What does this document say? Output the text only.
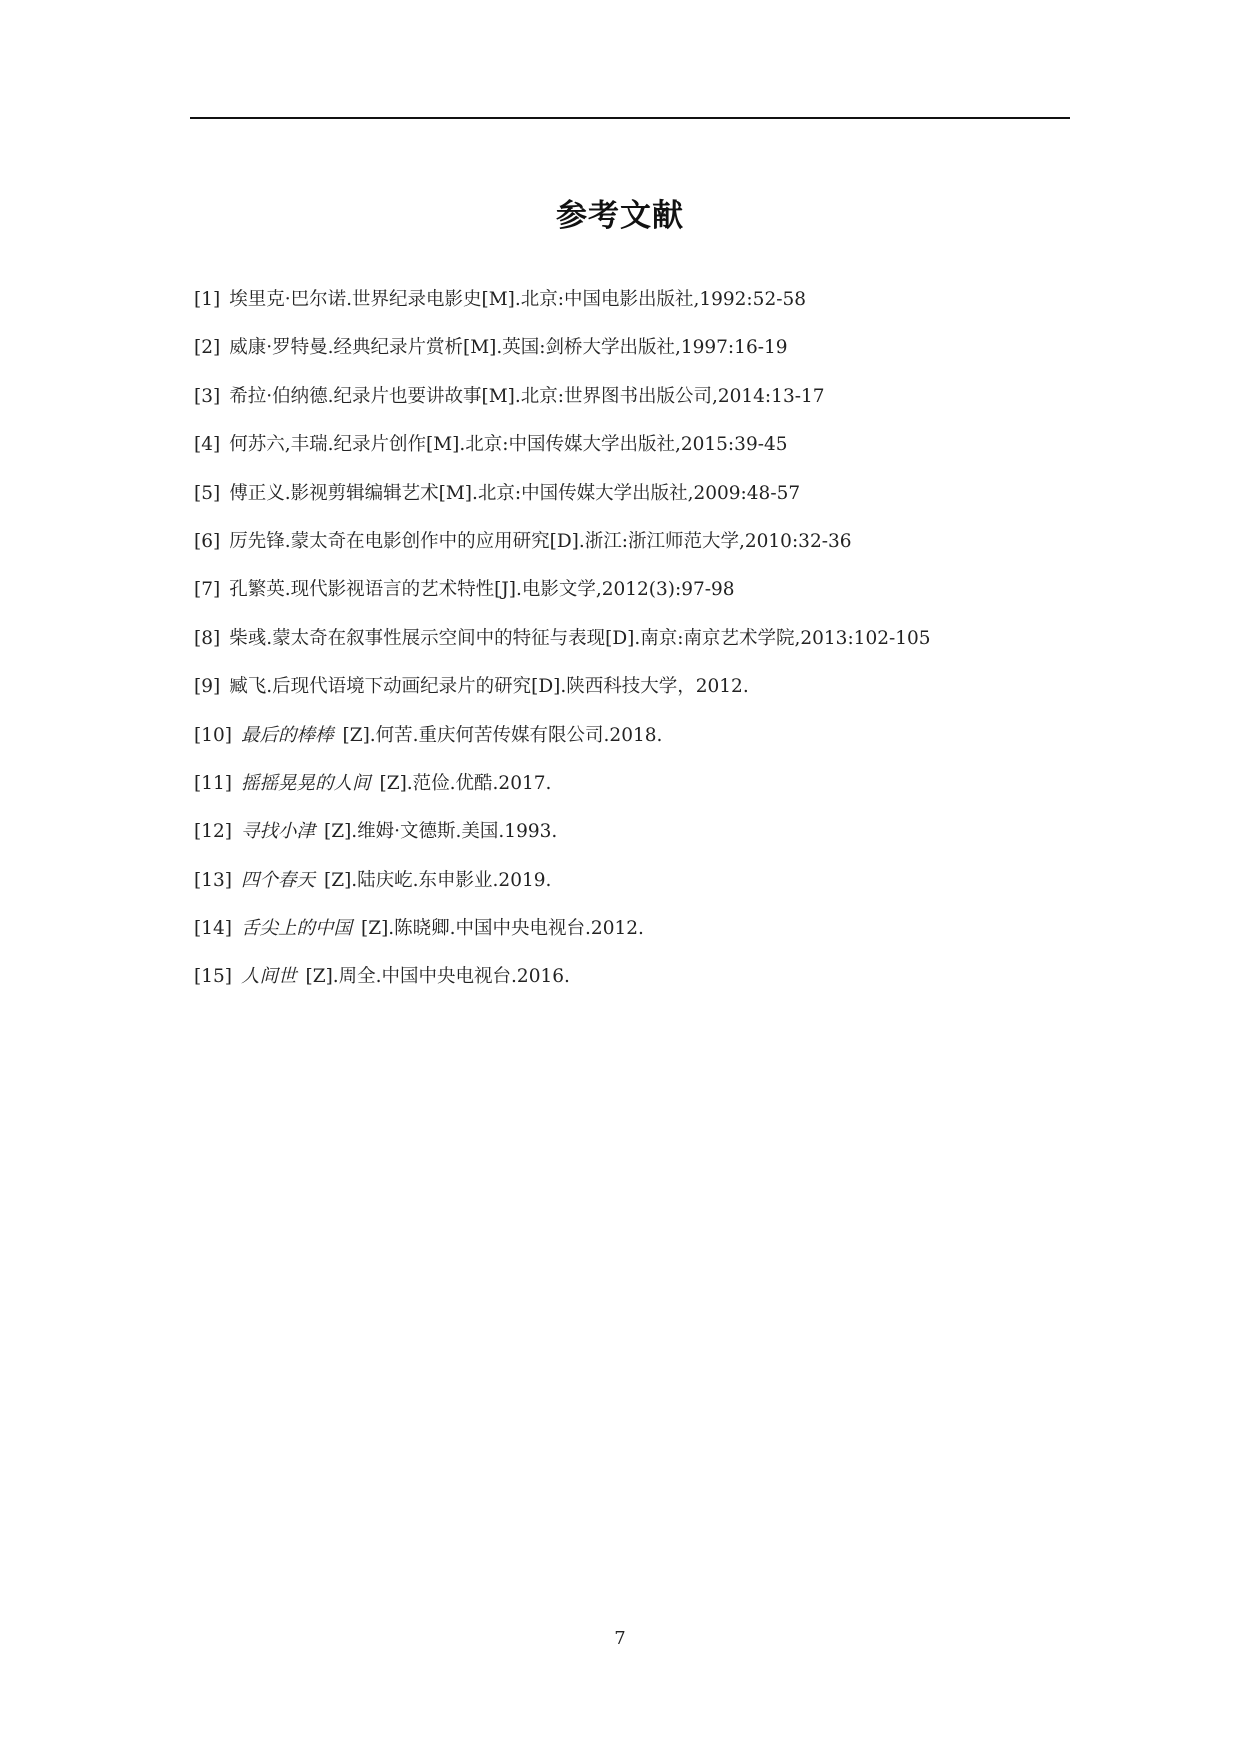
参考文献
[1] 埃里克·巴尔诺.世界纪录电影史[M].北京:中国电影出版社,1992:52-58
[2] 威康·罗特曼.经典纪录片赏析[M].英国:剑桥大学出版社,1997:16-19
[3] 希拉·伯纳德.纪录片也要讲故事[M].北京:世界图书出版公司,2014:13-17
[4] 何苏六,丰瑞.纪录片创作[M].北京:中国传媒大学出版社,2015:39-45
[5] 傅正义.影视剪辑编辑艺术[M].北京:中国传媒大学出版社,2009:48-57
[6] 厉先锋.蒙太奇在电影创作中的应用研究[D].浙江:浙江师范大学,2010:32-36
[7] 孔繁英.现代影视语言的艺术特性[J].电影文学,2012(3):97-98
[8] 柴彧.蒙太奇在叙事性展示空间中的特征与表现[D].南京:南京艺术学院,2013:102-105
[9] 臧飞.后现代语境下动画纪录片的研究[D].陕西科技大学，2012.
[10] 最后的棒棒 [Z].何苦.重庆何苦传媒有限公司.2018.
[11] 摇摇晃晃的人间 [Z].范俭.优酷.2017.
[12] 寻找小津 [Z].维姆·文德斯.美国.1993.
[13] 四个春天 [Z].陆庆屹.东申影业.2019.
[14] 舌尖上的中国 [Z].陈晓卿.中国中央电视台.2012.
[15] 人间世 [Z].周全.中国中央电视台.2016.
7
